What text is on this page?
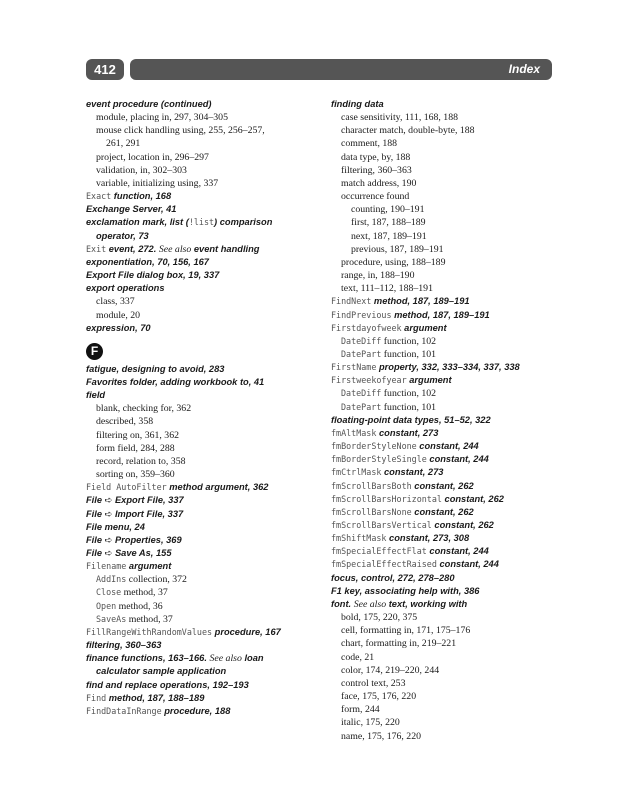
412	Index
event procedure (continued)
module, placing in, 297, 304–305
mouse click handling using, 255, 256–257,
261, 291
project, location in, 296–297
validation, in, 302–303
variable, initializing using, 337
Exact function, 168
Exchange Server, 41
exclamation mark, list (!list) comparison
operator, 73
Exit event, 272. See also event handling
exponentiation, 70, 156, 167
Export File dialog box, 19, 337
export operations
class, 337
module, 20
expression, 70
F
fatigue, designing to avoid, 283
Favorites folder, adding workbook to, 41
field
blank, checking for, 362
described, 358
filtering on, 361, 362
form field, 284, 288
record, relation to, 358
sorting on, 359–360
Field AutoFilter method argument, 362
File ➪ Export File, 337
File ➪ Import File, 337
File menu, 24
File ➪ Properties, 369
File ➪ Save As, 155
Filename argument
AddIns collection, 372
Close method, 37
Open method, 36
SaveAs method, 37
FillRangeWithRandomValues procedure, 167
filtering, 360–363
finance functions, 163–166. See also loan
calculator sample application
find and replace operations, 192–193
Find method, 187, 188–189
FindDataInRange procedure, 188
finding data
case sensitivity, 111, 168, 188
character match, double-byte, 188
comment, 188
data type, by, 188
filtering, 360–363
match address, 190
occurrence found
counting, 190–191
first, 187, 188–189
next, 187, 189–191
previous, 187, 189–191
procedure, using, 188–189
range, in, 188–190
text, 111–112, 188–191
FindNext method, 187, 189–191
FindPrevious method, 187, 189–191
Firstdayofweek argument
DateDiff function, 102
DatePart function, 101
FirstName property, 332, 333–334, 337, 338
Firstweekofyear argument
DateDiff function, 102
DatePart function, 101
floating-point data types, 51–52, 322
fmAltMask constant, 273
fmBorderStyleNone constant, 244
fmBorderStyleSingle constant, 244
fmCtrlMask constant, 273
fmScrollBarsBoth constant, 262
fmScrollBarsHorizontal constant, 262
fmScrollBarsNone constant, 262
fmScrollBarsVertical constant, 262
fmShiftMask constant, 273, 308
fmSpecialEffectFlat constant, 244
fmSpecialEffectRaised constant, 244
focus, control, 272, 278–280
F1 key, associating help with, 386
font. See also text, working with
bold, 175, 220, 375
cell, formatting in, 171, 175–176
chart, formatting in, 219–221
code, 21
color, 174, 219–220, 244
control text, 253
face, 175, 176, 220
form, 244
italic, 175, 220
name, 175, 176, 220
